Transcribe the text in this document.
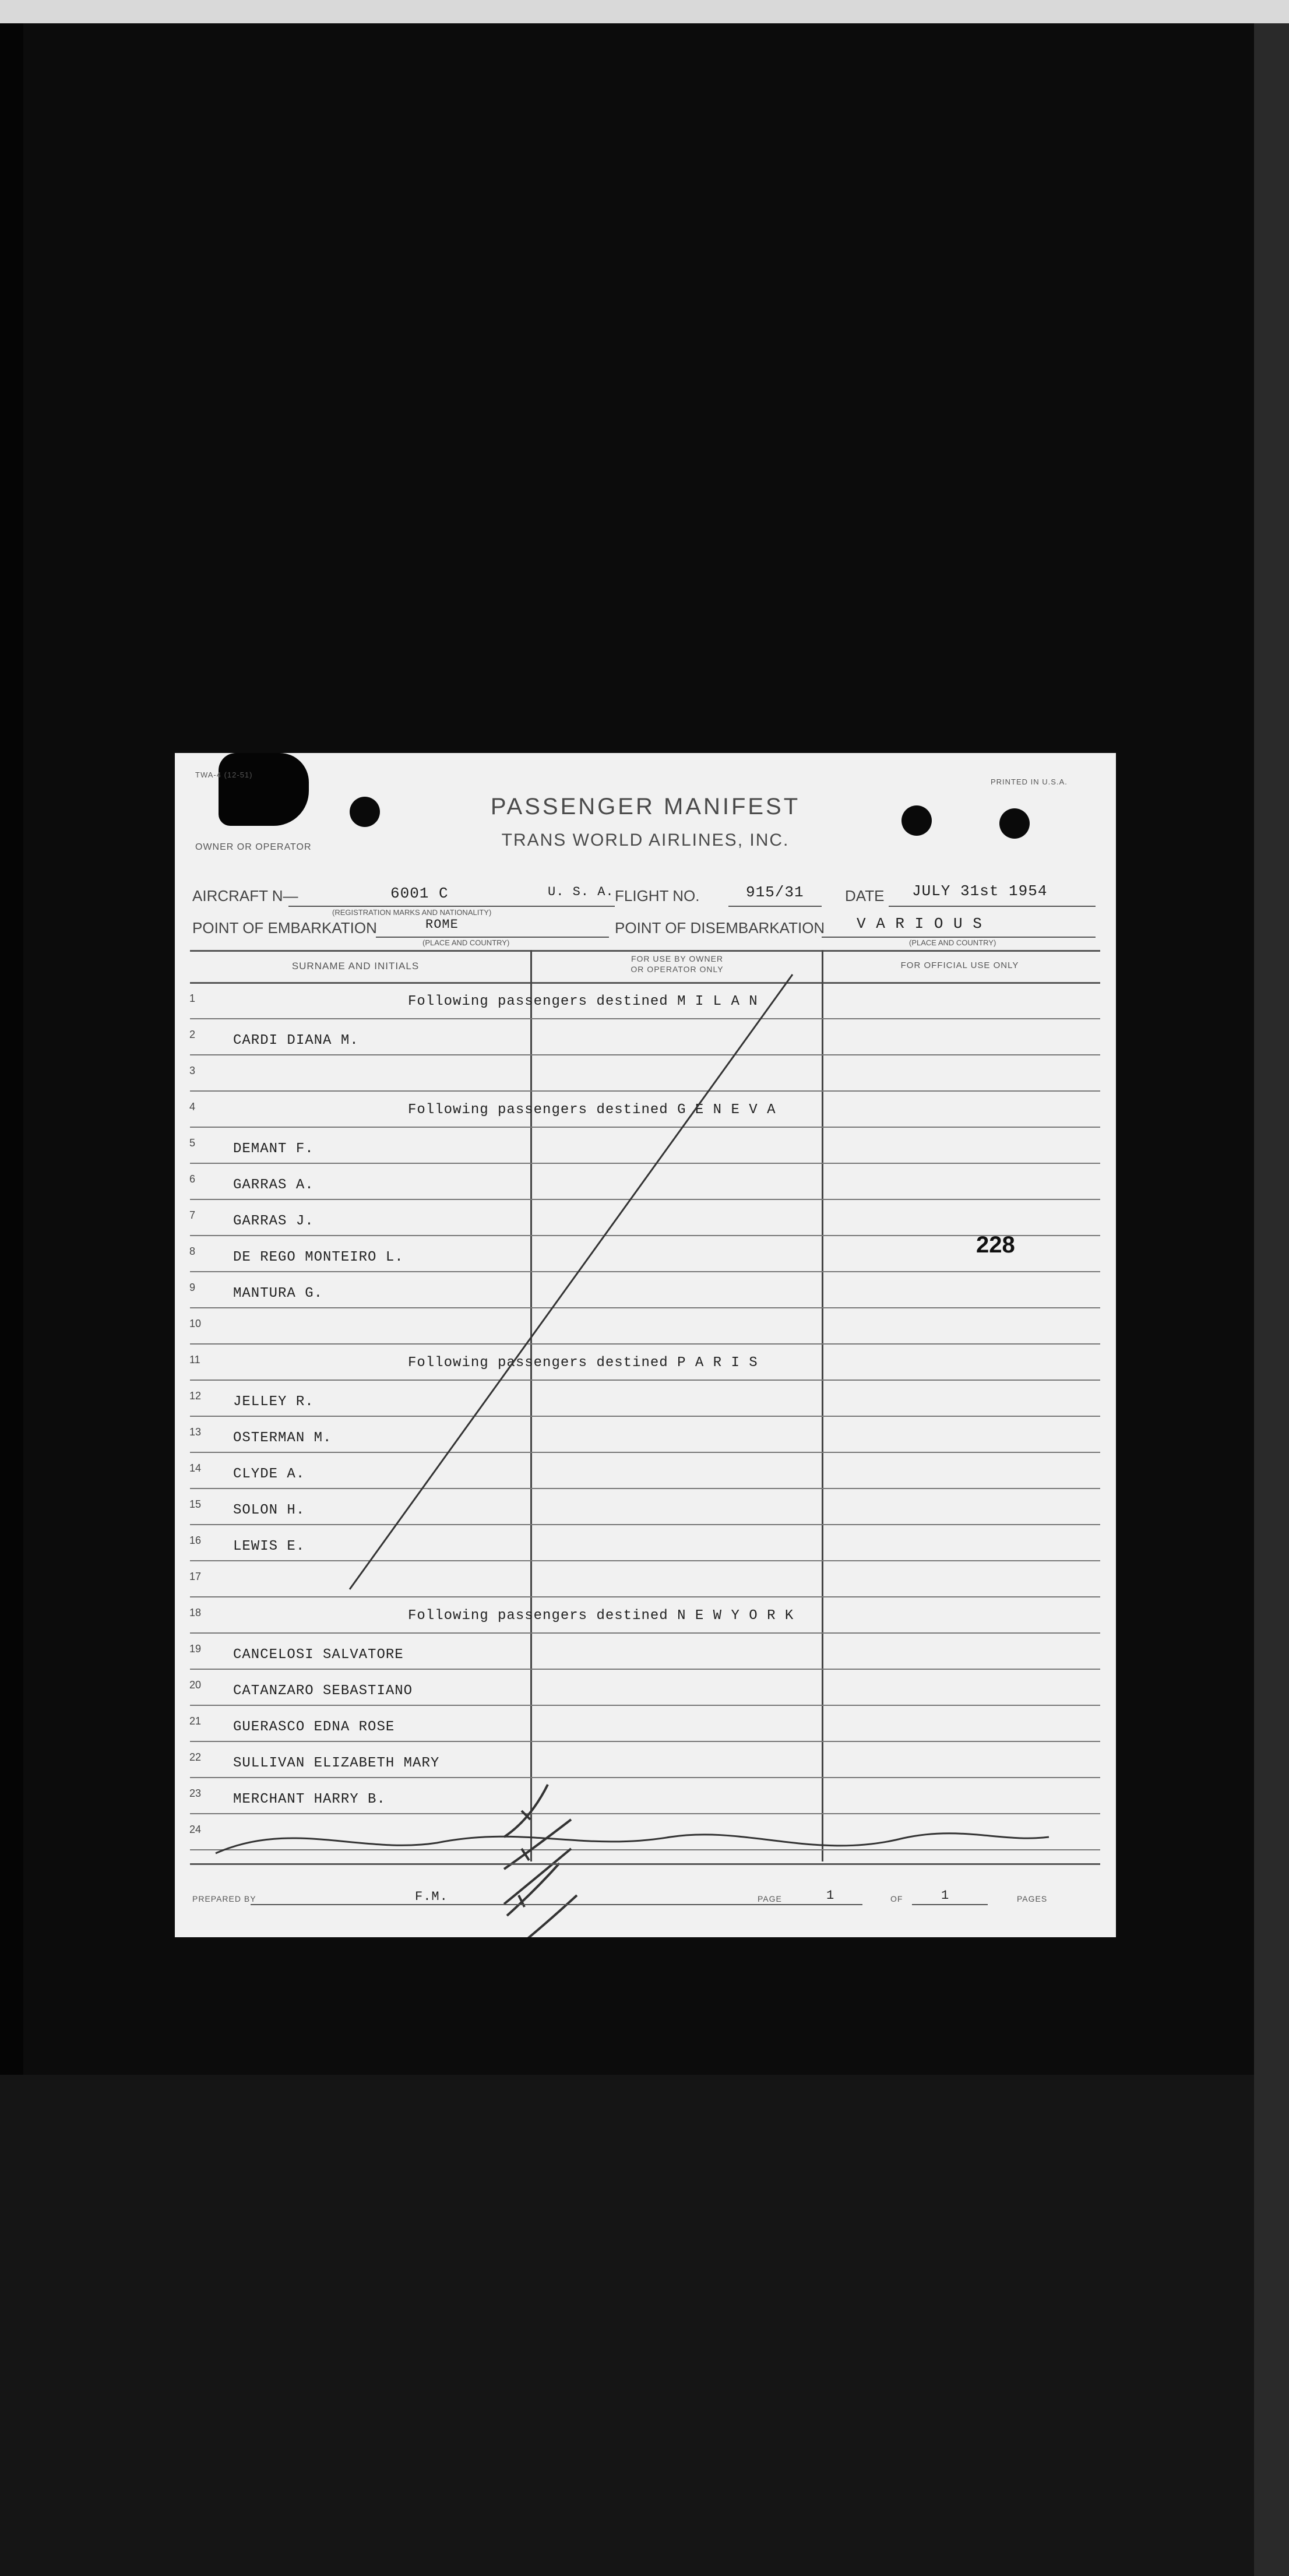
TWA-4 (12-51)
PRINTED IN U.S.A.
OWNER OR OPERATOR
PASSENGER MANIFEST
TRANS WORLD AIRLINES, INC.
AIRCRAFT N—	6001 C	U. S. A.
(REGISTRATION MARKS AND NATIONALITY)
FLIGHT NO.	915/31	DATE JULY 31st 1954
POINT OF EMBARKATION	ROME
(PLACE AND COUNTRY)
POINT OF DISEMBARKATION V A R I O U S
(PLACE AND COUNTRY)
SURNAME AND INITIALS
FOR USE BY OWNER
OR OPERATOR ONLY	FOR OFFICIAL USE ONLY
1	Following passengers destined M I L A N
2	CARDI DIANA M.
3
4	Following passengers destined G E N E V A
5	DEMANT F.
6	GARRAS A.
7	GARRAS J.
8	DE REGO MONTEIRO L.
9	MANTURA G.
10
11	Following passengers destined P A R I S
12 JELLEY R.
13 OSTERMAN M.
14 CLYDE A.
15 SOLON H.
16 LEWIS E.
17
18	Following passengers destined N E W Y O R K
19 CANCELOSI SALVATORE
20 CATANZARO SEBASTIANO
21 GUERASCO EDNA ROSE
22 SULLIVAN ELIZABETH MARY
23 MERCHANT HARRY B.
24
228
PREPARED BY	F.M.	PAGE	1	OF	1	PAGES
